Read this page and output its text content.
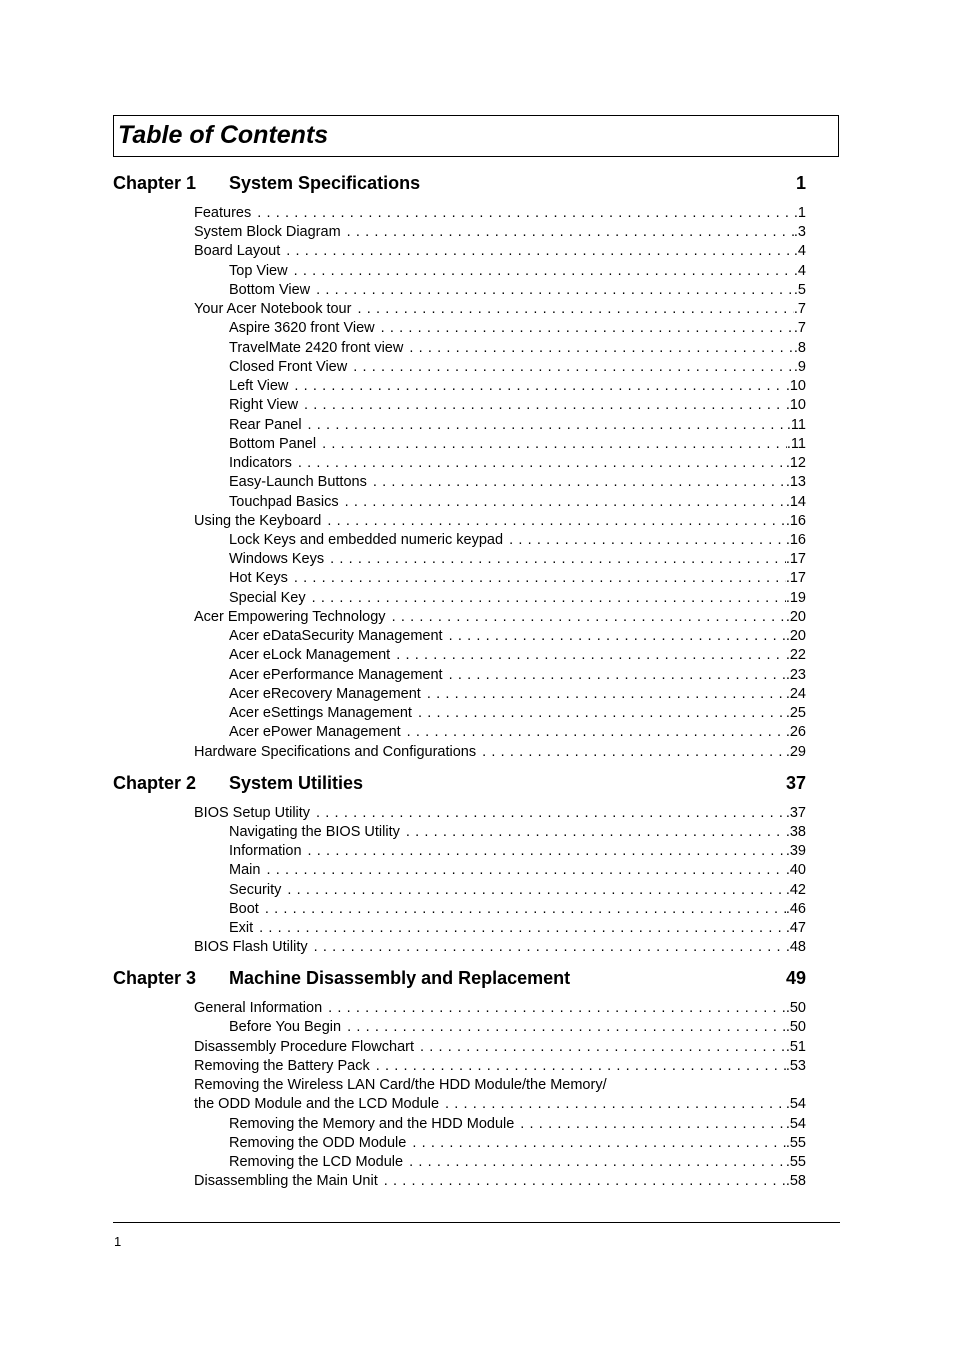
Table of Contents
Chapter 1 System Specifications	1
Features . . .	.1
System Block Diagram . . .	.3
Board Layout . . .	.4
Top View . . .	.4
Bottom View . . .	.5
Your Acer Notebook tour . . .	.7
Aspire 3620 front View . . .	.7
TravelMate 2420 front view . . .	.8
Closed Front View . . .	.9
Left View . . .	.10
Right View . . .	.10
Rear Panel . . .	.11
Bottom Panel . . .	.11
Indicators . . .	.12
Easy-Launch Buttons . . .	.13
Touchpad Basics . . .	.14
Using the Keyboard . . .	.16
Lock Keys and embedded numeric keypad . . .	.16
Windows Keys . . .	.17
Hot Keys . . .	.17
Special Key . . .	.19
Acer Empowering Technology . . .	.20
Acer eDataSecurity Management . . .	.20
Acer eLock Management . . .	.22
Acer ePerformance Management . . .	.23
Acer eRecovery Management . . .	.24
Acer eSettings Management . . .	.25
Acer ePower Management . . .	.26
Hardware Specifications and Configurations . . .	.29
Chapter 2 System Utilities	37
BIOS Setup Utility . . .	.37
Navigating the BIOS Utility . . .	.38
Information . . .	.39
Main . . .	.40
Security . . .	.42
Boot . . .	.46
Exit . . .	.47
BIOS Flash Utility . . .	.48
Chapter 3 Machine Disassembly and Replacement	49
General Information . . .	.50
Before You Begin . . .	.50
Disassembly Procedure Flowchart . . .	.51
Removing the Battery Pack . . .	.53
Removing the Wireless LAN Card/the HDD Module/the Memory/
the ODD Module and the LCD Module . . .	.54
Removing the Memory and the HDD Module . . .	.54
Removing the ODD Module . . .	.55
Removing the LCD Module . . .	.55
Disassembling the Main Unit . . .	.58
1
